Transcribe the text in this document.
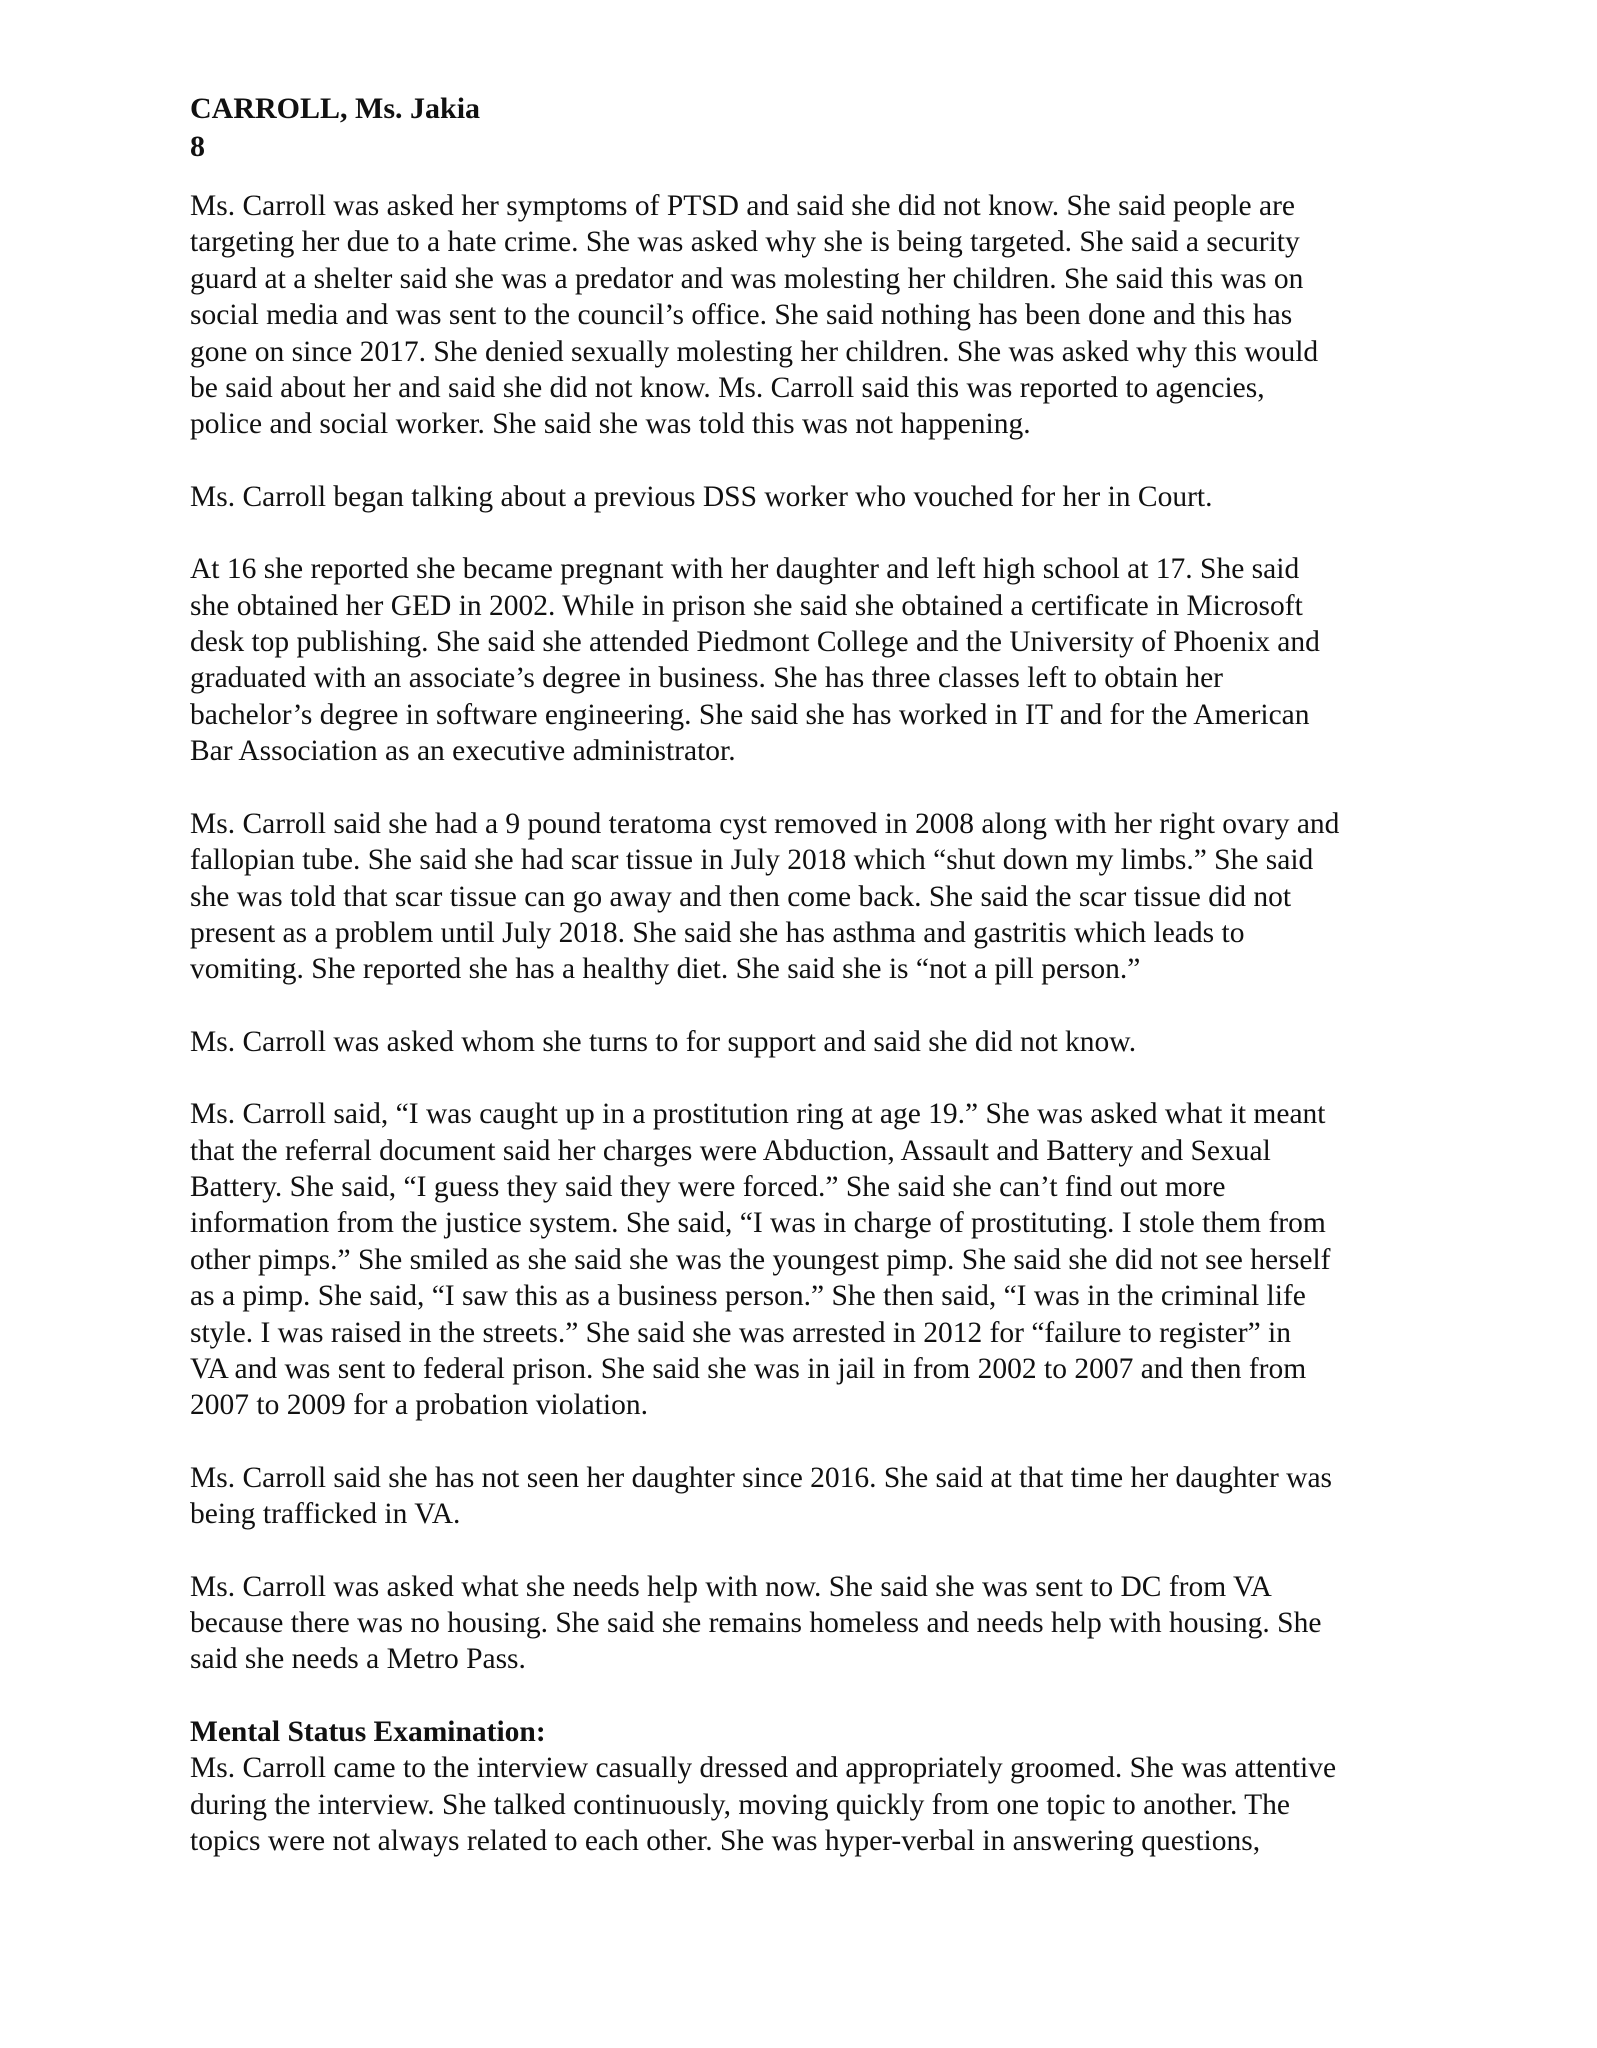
CARROLL, Ms. Jakia

8

Ms. Carroll was asked her symptoms of PTSD and said she did not know. She said people are
targeting her due to a hate crime. She was asked why she is being targeted. She said a security
guard at a shelter said she was a predator and was molesting her children. She said this was on
social media and was sent to the council’s office. She said nothing has been done and this has
gone on since 2017. She denied sexually molesting her children. She was asked why this would
be said about her and said she did not know. Ms. Carroll said this was reported to agencies,
police and social worker. She said she was told this was not happening.

Ms. Carroll began talking about a previous DSS worker who vouched for her in Court.

At 16 she reported she became pregnant with her daughter and left high school at 17. She said
she obtained her GED in 2002. While in prison she said she obtained a certificate in Microsoft
desk top publishing. She said she attended Piedmont College and the University of Phoenix and
graduated with an associate’s degree in business. She has three classes left to obtain her
bachelor’s degree in software engineering. She said she has worked in IT and for the American
Bar Association as an executive administrator.

Ms. Carroll said she had a 9 pound teratoma cyst removed in 2008 along with her right ovary and
fallopian tube. She said she had scar tissue in July 2018 which “shut down my limbs.” She said
she was told that scar tissue can go away and then come back. She said the scar tissue did not
present as a problem until July 2018. She said she has asthma and gastritis which leads to
vomiting. She reported she has a healthy diet. She said she is “not a pill person.”

Ms. Carroll was asked whom she turns to for support and said she did not know.

Ms. Carroll said, “I was caught up in a prostitution ring at age 19.” She was asked what it meant
that the referral document said her charges were Abduction, Assault and Battery and Sexual
Battery. She said, “I guess they said they were forced.” She said she can’t find out more
information from the justice system. She said, “I was in charge of prostituting. I stole them from
other pimps.” She smiled as she said she was the youngest pimp. She said she did not see herself
as a pimp. She said, “I saw this as a business person.” She then said, “I was in the criminal life
style. I was raised in the streets.” She said she was arrested in 2012 for “failure to register” in
VA and was sent to federal prison. She said she was in jail in from 2002 to 2007 and then from
2007 to 2009 for a probation violation.

Ms. Carroll said she has not seen her daughter since 2016. She said at that time her daughter was
being trafficked in VA.

Ms. Carroll was asked what she needs help with now. She said she was sent to DC from VA
because there was no housing. She said she remains homeless and needs help with housing. She
said she needs a Metro Pass.

Mental Status Examination:

Ms. Carroll came to the interview casually dressed and appropriately groomed. She was attentive
during the interview. She talked continuously, moving quickly from one topic to another. The
topics were not always related to each other. She was hyper-verbal in answering questions,
